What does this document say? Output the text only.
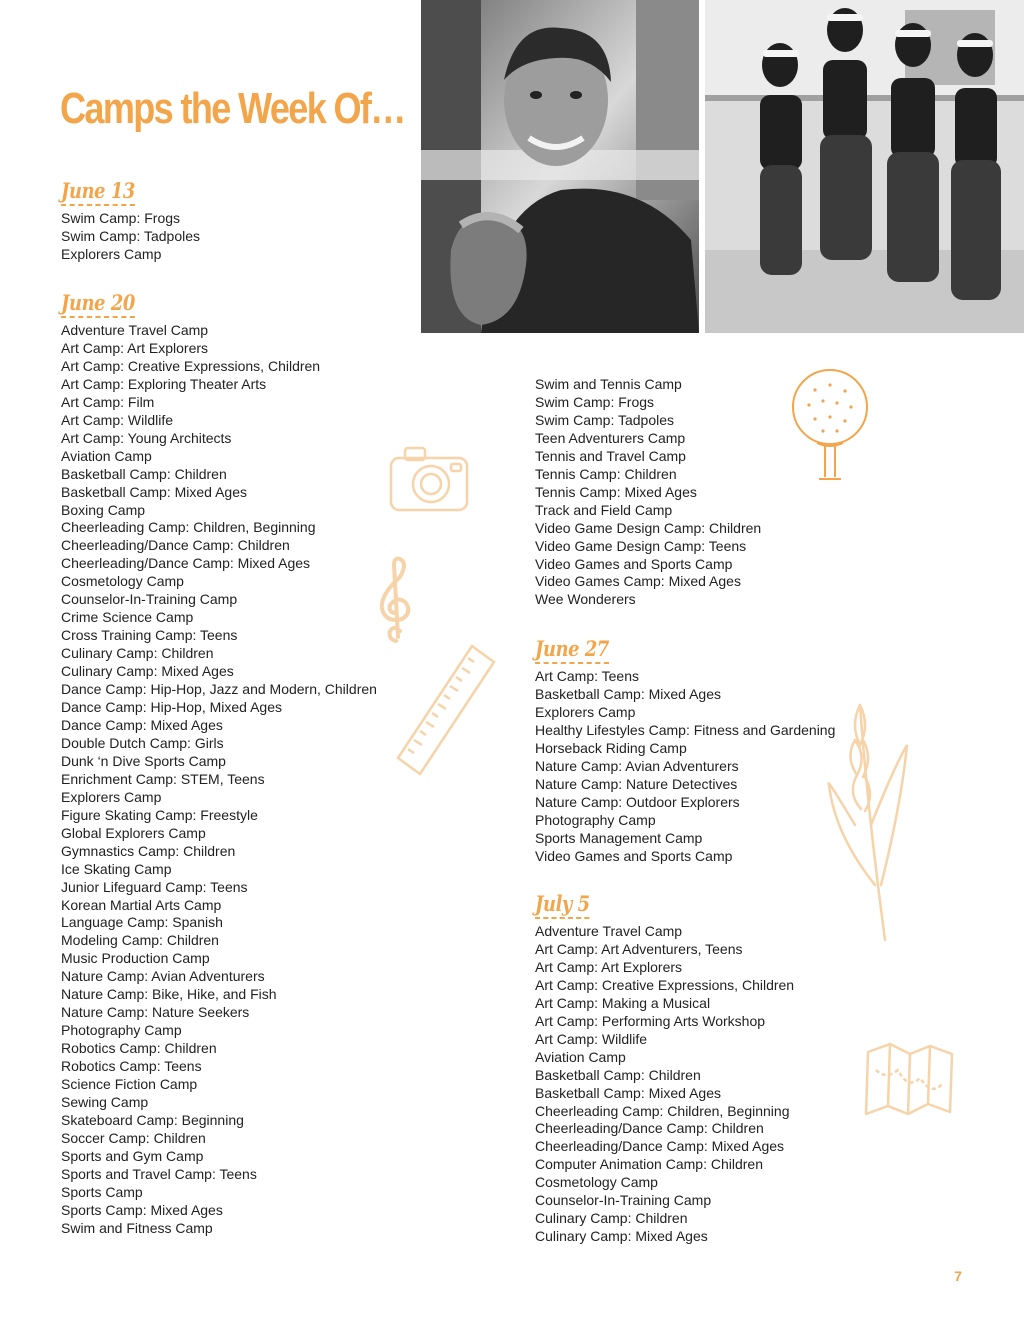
Camps the Week Of…
June 13
Swim Camp: Frogs
Swim Camp: Tadpoles
Explorers Camp
June 20
Adventure Travel Camp
Art Camp: Art Explorers
Art Camp: Creative Expressions, Children
Art Camp: Exploring Theater Arts
Art Camp: Film
Art Camp: Wildlife
Art Camp: Young Architects
Aviation Camp
Basketball Camp: Children
Basketball Camp: Mixed Ages
Boxing Camp
Cheerleading Camp: Children, Beginning
Cheerleading/Dance Camp: Children
Cheerleading/Dance Camp: Mixed Ages
Cosmetology Camp
Counselor-In-Training Camp
Crime Science Camp
Cross Training Camp: Teens
Culinary Camp: Children
Culinary Camp: Mixed Ages
Dance Camp: Hip-Hop, Jazz and Modern, Children
Dance Camp: Hip-Hop, Mixed Ages
Dance Camp: Mixed Ages
Double Dutch Camp: Girls
Dunk ‘n Dive Sports Camp
Enrichment Camp: STEM, Teens
Explorers Camp
Figure Skating Camp: Freestyle
Global Explorers Camp
Gymnastics Camp: Children
Ice Skating Camp
Junior Lifeguard Camp: Teens
Korean Martial Arts Camp
Language Camp: Spanish
Modeling Camp: Children
Music Production Camp
Nature Camp: Avian Adventurers
Nature Camp: Bike, Hike, and Fish
Nature Camp: Nature Seekers
Photography Camp
Robotics Camp: Children
Robotics Camp: Teens
Science Fiction Camp
Sewing Camp
Skateboard Camp: Beginning
Soccer Camp: Children
Sports and Gym Camp
Sports and Travel Camp: Teens
Sports Camp
Sports Camp: Mixed Ages
Swim and Fitness Camp
Swim and Tennis Camp
Swim Camp: Frogs
Swim Camp: Tadpoles
Teen Adventurers Camp
Tennis and Travel Camp
Tennis Camp: Children
Tennis Camp: Mixed Ages
Track and Field Camp
Video Game Design Camp: Children
Video Game Design Camp: Teens
Video Games and Sports Camp
Video Games Camp: Mixed Ages
Wee Wonderers
June 27
Art Camp: Teens
Basketball Camp: Mixed Ages
Explorers Camp
Healthy Lifestyles Camp: Fitness and Gardening
Horseback Riding Camp
Nature Camp: Avian Adventurers
Nature Camp: Nature Detectives
Nature Camp: Outdoor Explorers
Photography Camp
Sports Management Camp
Video Games and Sports Camp
July 5
Adventure Travel Camp
Art Camp: Art Adventurers, Teens
Art Camp: Art Explorers
Art Camp: Creative Expressions, Children
Art Camp: Making a Musical
Art Camp: Performing Arts Workshop
Art Camp: Wildlife
Aviation Camp
Basketball Camp: Children
Basketball Camp: Mixed Ages
Cheerleading Camp: Children, Beginning
Cheerleading/Dance Camp: Children
Cheerleading/Dance Camp: Mixed Ages
Computer Animation Camp: Children
Cosmetology Camp
Counselor-In-Training Camp
Culinary Camp: Children
Culinary Camp: Mixed Ages
7
